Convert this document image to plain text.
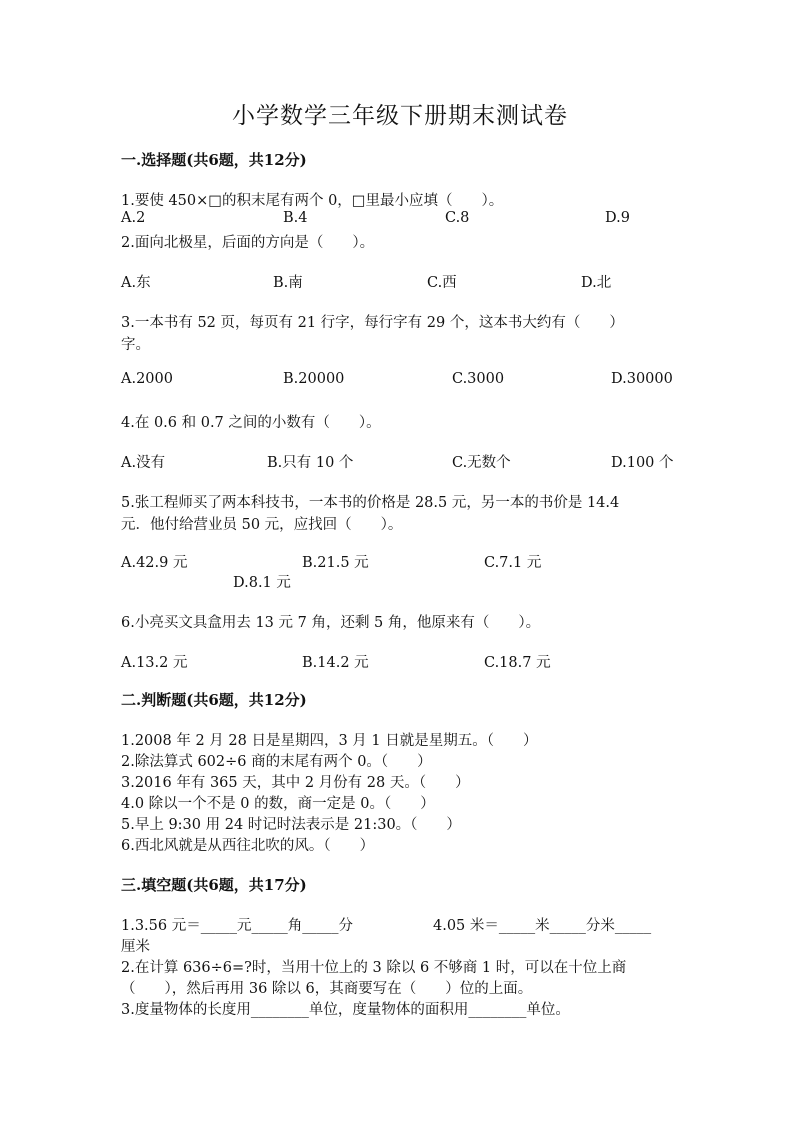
小学数学三年级下册期末测试卷
一.选择题(共6题，共12分)
1.要使 450×□的积末尾有两个 0，□里最小应填（　　）。
A.2	B.4	C.8	D.9
2.面向北极星，后面的方向是（　　）。
A.东	B.南	C.西	D.北
3.一本书有 52 页，每页有 21 行字，每行字有 29 个，这本书大约有（　　）
字。
A.2000	B.20000	C.3000	D.30000
4.在 0.6 和 0.7 之间的小数有（　　）。
A.没有	B.只有 10 个	C.无数个	D.100 个
5.张工程师买了两本科技书，一本书的价格是 28.5 元，另一本的书价是 14.4
元．他付给营业员 50 元，应找回（　　）。
A.42.9 元	B.21.5 元	C.7.1 元
D.8.1 元
6.小亮买文具盒用去 13 元 7 角，还剩 5 角，他原来有（　　）。
A.13.2 元	B.14.2 元	C.18.7 元
二.判断题(共6题，共12分)
1.2008 年 2 月 28 日是星期四，3 月 1 日就是星期五。（　　）
2.除法算式 602÷6 商的末尾有两个 0。（　　）
3.2016 年有 365 天，其中 2 月份有 28 天。（　　）
4.0 除以一个不是 0 的数，商一定是 0。（　　）
5.早上 9:30 用 24 时记时法表示是 21:30。（　　）
6.西北风就是从西往北吹的风。（　　）
三.填空题(共6题，共17分)
1.3.56 元＝_____元_____角_____分	4.05 米＝_____米_____分米_____
厘米
2.在计算 636÷6=?时，当用十位上的 3 除以 6 不够商 1 时，可以在十位上商
（　　），然后再用 36 除以 6，其商要写在（　　）位的上面。
3.度量物体的长度用________单位，度量物体的面积用________单位。
